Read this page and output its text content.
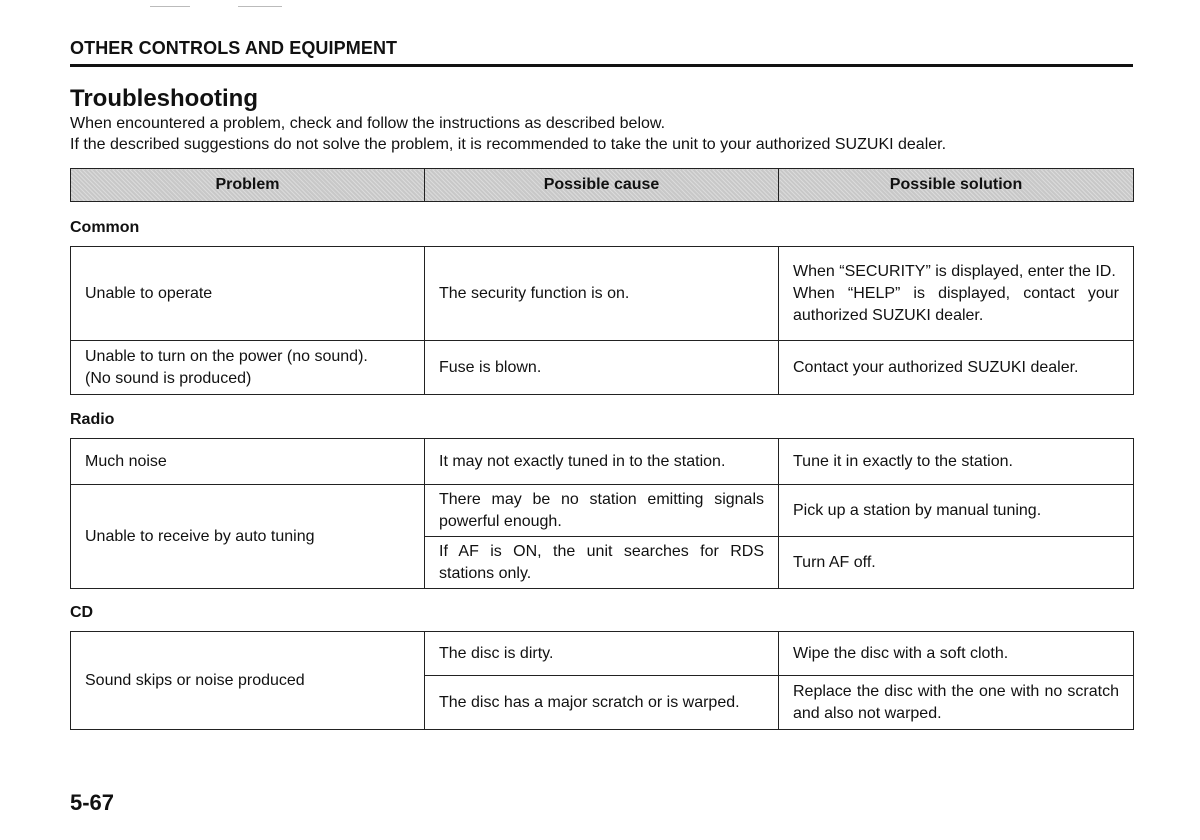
OTHER CONTROLS AND EQUIPMENT
Troubleshooting
When encountered a problem, check and follow the instructions as described below.
If the described suggestions do not solve the problem, it is recommended to take the unit to your authorized SUZUKI dealer.
Problem	Possible cause	Possible solution
Common
Unable to operate	The security function is on.	When “SECURITY” is displayed, enter the ID.
When “HELP” is displayed, contact your authorized SUZUKI dealer.

Unable to turn on the power (no sound).
(No sound is produced)	Fuse is blown.	Contact your authorized SUZUKI dealer.
Radio
Much noise	It may not exactly tuned in to the station.	Tune it in exactly to the station.
Unable to receive by auto tuning	There may be no station emitting signals powerful enough.	Pick up a station by manual tuning.
	If AF is ON, the unit searches for RDS stations only.	Turn AF off.
CD
Sound skips or noise produced	The disc is dirty.	Wipe the disc with a soft cloth.
	The disc has a major scratch or is warped.	Replace the disc with the one with no scratch and also not warped.
5-67
